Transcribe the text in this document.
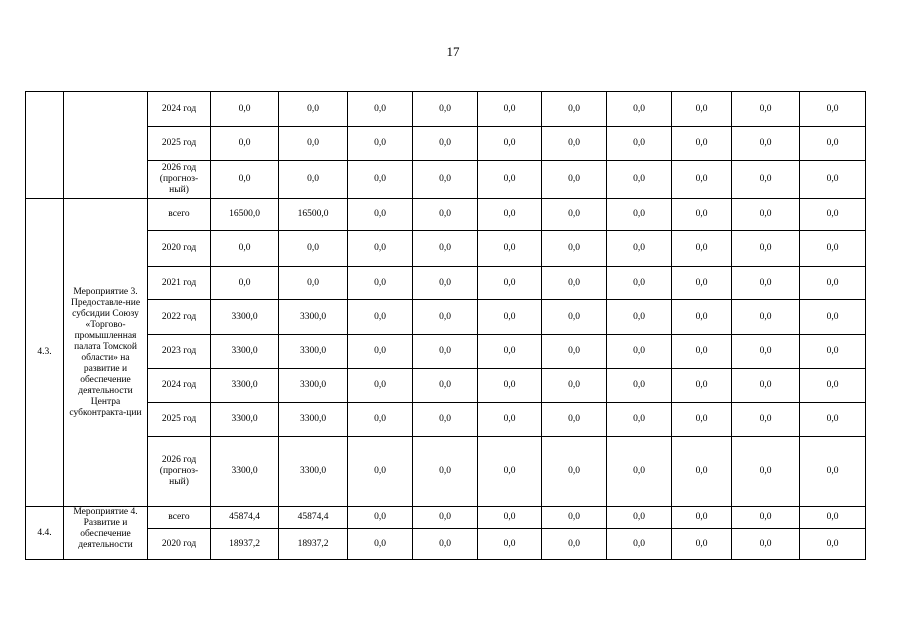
17
		2024 год	0,0	0,0	0,0	0,0	0,0	0,0	0,0	0,0	0,0	0,0
		2025 год	0,0	0,0	0,0	0,0	0,0	0,0	0,0	0,0	0,0	0,0
		2026 год (прогноз-ный)	0,0	0,0	0,0	0,0	0,0	0,0	0,0	0,0	0,0	0,0
4.3.	Мероприятие 3. Предоставле-ние субсидии Союзу «Торгово-промышленная палата Томской области» на развитие и обеспечение деятельности Центра субконтракта-ции	всего	16500,0	16500,0	0,0	0,0	0,0	0,0	0,0	0,0	0,0	0,0
		2020 год	0,0	0,0	0,0	0,0	0,0	0,0	0,0	0,0	0,0	0,0
		2021 год	0,0	0,0	0,0	0,0	0,0	0,0	0,0	0,0	0,0	0,0
		2022 год	3300,0	3300,0	0,0	0,0	0,0	0,0	0,0	0,0	0,0	0,0
		2023 год	3300,0	3300,0	0,0	0,0	0,0	0,0	0,0	0,0	0,0	0,0
		2024 год	3300,0	3300,0	0,0	0,0	0,0	0,0	0,0	0,0	0,0	0,0
		2025 год	3300,0	3300,0	0,0	0,0	0,0	0,0	0,0	0,0	0,0	0,0
		2026 год (прогноз-ный)	3300,0	3300,0	0,0	0,0	0,0	0,0	0,0	0,0	0,0	0,0
4.4.	Мероприятие 4. Развитие и обеспечение деятельности	всего	45874,4	45874,4	0,0	0,0	0,0	0,0	0,0	0,0	0,0	0,0
		2020 год	18937,2	18937,2	0,0	0,0	0,0	0,0	0,0	0,0	0,0	0,0
